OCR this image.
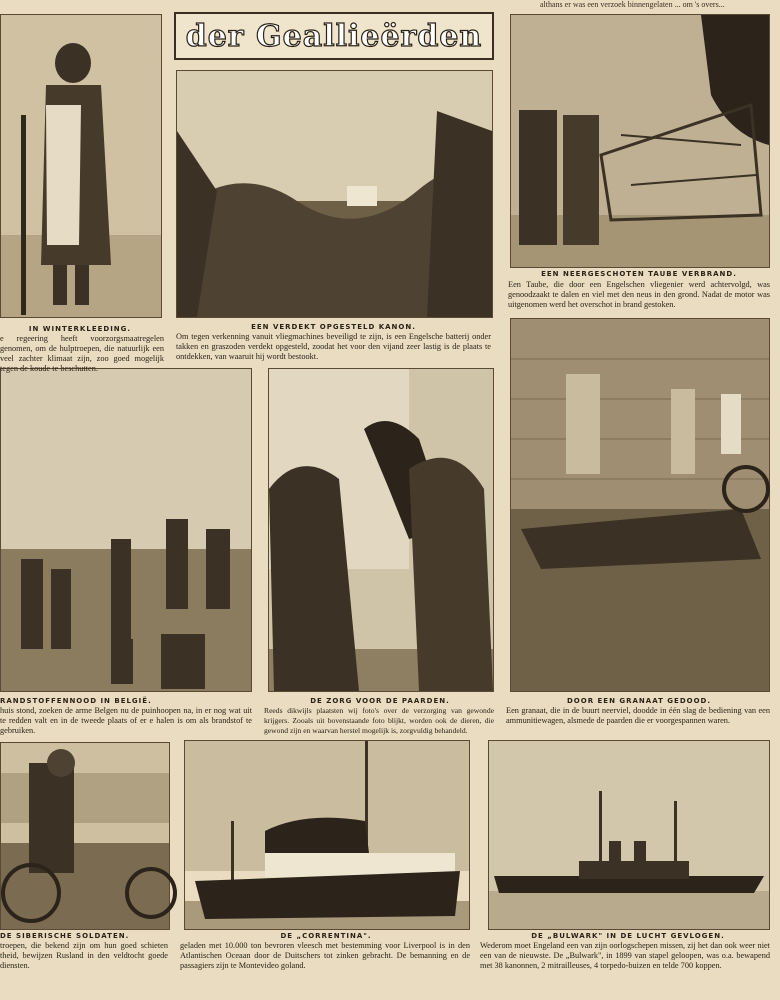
althans er was een verzoek binnengelaten ... om 's overs...
der Geallieërden
IN WINTERKLEEDING.
e regeering heeft voorzorgsmaatregelen genomen, om de hulptroepen, die natuurlijk een veel zachter klimaat zijn, zoo goed mogelijk tegen de koude te beschutten.
EEN VERDEKT OPGESTELD KANON.
Om tegen verkenning vanuit vliegmachines beveiligd te zijn, is een Engelsche batterij onder takken en graszoden verdekt opgesteld, zoodat het voor den vijand zeer lastig is de plaats te ontdekken, van waaruit hij wordt bestookt.
EEN NEERGESCHOTEN TAUBE VERBRAND.
Een Taube, die door een Engelschen vliegenier werd achtervolgd, was genoodzaakt te dalen en viel met den neus in den grond. Nadat de motor was uitgenomen werd het overschot in brand gestoken.
RANDSTOFFENNOOD IN BELGIË.
huis stond, zoeken de arme Belgen nu de puinhoopen na, in er nog wat uit te redden valt en in de tweede plaats of er e halen is om als brandstof te gebruiken.
DE ZORG VOOR DE PAARDEN.
Reeds dikwijls plaatsten wij foto's over de verzorging van gewonde krijgers. Zooals uit bovenstaande foto blijkt, worden ook de dieren, die gewond zijn en waarvan herstel mogelijk is, zorgvuldig behandeld.
DOOR EEN GRANAAT GEDOOD.
Een granaat, die in de buurt neerviel, doodde in één slag de bediening van een ammunitiewagen, alsmede de paarden die er voorgespannen waren.
DE SIBERISCHE SOLDATEN.
troepen, die bekend zijn om hun goed schieten theid, bewijzen Rusland in den veldtocht goede diensten.
DE „CORRENTINA".
geladen met 10.000 ton bevroren vleesch met bestemming voor Liverpool is in den Atlantischen Oceaan door de Duitschers tot zinken gebracht. De bemanning en de passagiers zijn te Montevideo goland.
DE „BULWARK" IN DE LUCHT GEVLOGEN.
Wederom moet Engeland een van zijn oorlogschepen missen, zij het dan ook weer niet een van de nieuwste. De „Bulwark", in 1899 van stapel geloopen, was o.a. bewapend met 38 kanonnen, 2 mitrailleuses, 4 torpedo-buizen en telde 700 koppen.
